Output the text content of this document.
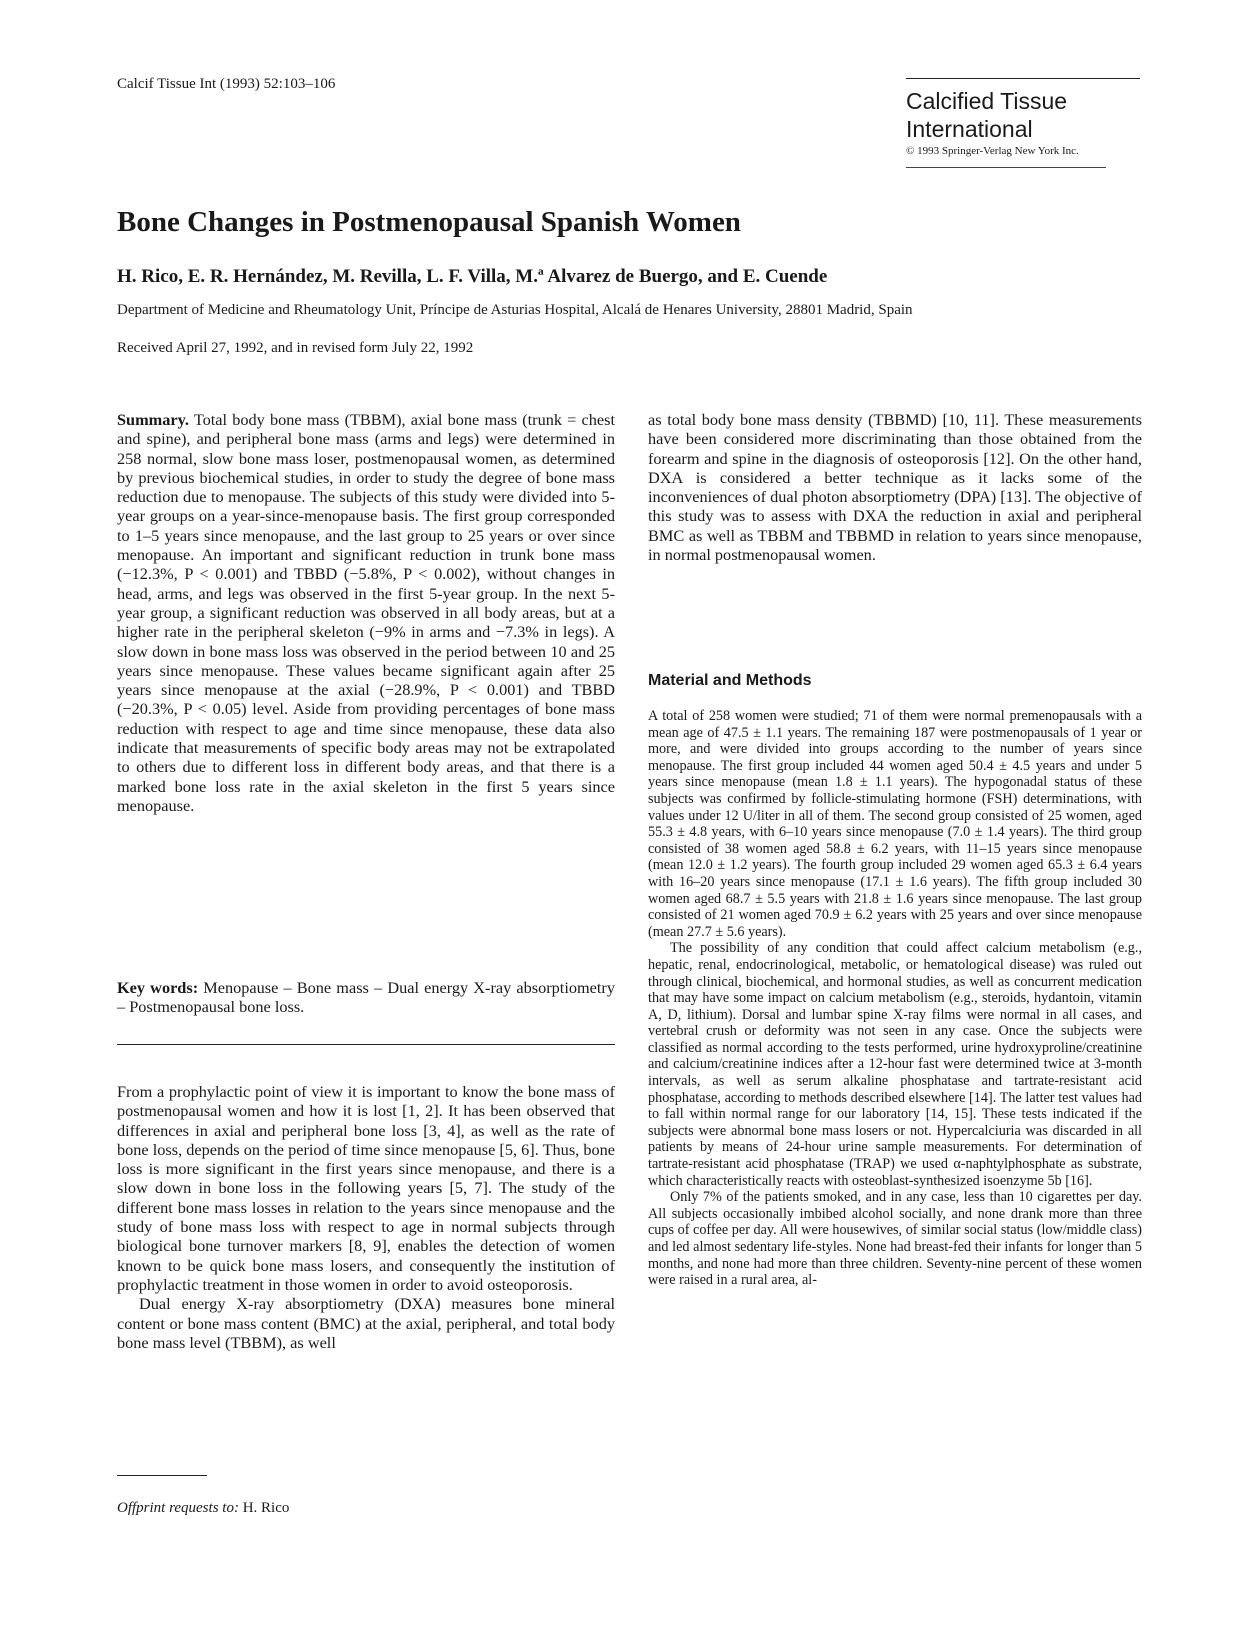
Calcif Tissue Int (1993) 52:103–106
Calcified Tissue
International
© 1993 Springer-Verlag New York Inc.
Bone Changes in Postmenopausal Spanish Women
H. Rico, E. R. Hernández, M. Revilla, L. F. Villa, M.ª Alvarez de Buergo, and E. Cuende
Department of Medicine and Rheumatology Unit, Príncipe de Asturias Hospital, Alcalá de Henares University, 28801 Madrid, Spain
Received April 27, 1992, and in revised form July 22, 1992
Summary. Total body bone mass (TBBM), axial bone mass (trunk = chest and spine), and peripheral bone mass (arms and legs) were determined in 258 normal, slow bone mass loser, postmenopausal women, as determined by previous biochemical studies, in order to study the degree of bone mass reduction due to menopause. The subjects of this study were divided into 5-year groups on a year-since-menopause basis. The first group corresponded to 1–5 years since menopause, and the last group to 25 years or over since menopause. An important and significant reduction in trunk bone mass (−12.3%, P < 0.001) and TBBD (−5.8%, P < 0.002), without changes in head, arms, and legs was observed in the first 5-year group. In the next 5-year group, a significant reduction was observed in all body areas, but at a higher rate in the peripheral skeleton (−9% in arms and −7.3% in legs). A slow down in bone mass loss was observed in the period between 10 and 25 years since menopause. These values became significant again after 25 years since menopause at the axial (−28.9%, P < 0.001) and TBBD (−20.3%, P < 0.05) level. Aside from providing percentages of bone mass reduction with respect to age and time since menopause, these data also indicate that measurements of specific body areas may not be extrapolated to others due to different loss in different body areas, and that there is a marked bone loss rate in the axial skeleton in the first 5 years since menopause.
Key words: Menopause – Bone mass – Dual energy X-ray absorptiometry – Postmenopausal bone loss.

From a prophylactic point of view it is important to know the bone mass of postmenopausal women and how it is lost [1, 2]. It has been observed that differences in axial and peripheral bone loss [3, 4], as well as the rate of bone loss, depends on the period of time since menopause [5, 6]. Thus, bone loss is more significant in the first years since menopause, and there is a slow down in bone loss in the following years [5, 7]. The study of the different bone mass losses in relation to the years since menopause and the study of bone mass loss with respect to age in normal subjects through biological bone turnover markers [8, 9], enables the detection of women known to be quick bone mass losers, and consequently the institution of prophylactic treatment in those women in order to avoid osteoporosis.

Dual energy X-ray absorptiometry (DXA) measures bone mineral content or bone mass content (BMC) at the axial, peripheral, and total body bone mass level (TBBM), as well

Offprint requests to: H. Rico
as total body bone mass density (TBBMD) [10, 11]. These measurements have been considered more discriminating than those obtained from the forearm and spine in the diagnosis of osteoporosis [12]. On the other hand, DXA is considered a better technique as it lacks some of the inconveniences of dual photon absorptiometry (DPA) [13]. The objective of this study was to assess with DXA the reduction in axial and peripheral BMC as well as TBBM and TBBMD in relation to years since menopause, in normal postmenopausal women.
Material and Methods

A total of 258 women were studied; 71 of them were normal premenopausals with a mean age of 47.5 ± 1.1 years. The remaining 187 were postmenopausals of 1 year or more, and were divided into groups according to the number of years since menopause. The first group included 44 women aged 50.4 ± 4.5 years and under 5 years since menopause (mean 1.8 ± 1.1 years). The hypogonadal status of these subjects was confirmed by follicle-stimulating hormone (FSH) determinations, with values under 12 U/liter in all of them. The second group consisted of 25 women, aged 55.3 ± 4.8 years, with 6–10 years since menopause (7.0 ± 1.4 years). The third group consisted of 38 women aged 58.8 ± 6.2 years, with 11–15 years since menopause (mean 12.0 ± 1.2 years). The fourth group included 29 women aged 65.3 ± 6.4 years with 16–20 years since menopause (17.1 ± 1.6 years). The fifth group included 30 women aged 68.7 ± 5.5 years with 21.8 ± 1.6 years since menopause. The last group consisted of 21 women aged 70.9 ± 6.2 years with 25 years and over since menopause (mean 27.7 ± 5.6 years).

The possibility of any condition that could affect calcium metabolism (e.g., hepatic, renal, endocrinological, metabolic, or hematological disease) was ruled out through clinical, biochemical, and hormonal studies, as well as concurrent medication that may have some impact on calcium metabolism (e.g., steroids, hydantoin, vitamin A, D, lithium). Dorsal and lumbar spine X-ray films were normal in all cases, and vertebral crush or deformity was not seen in any case. Once the subjects were classified as normal according to the tests performed, urine hydroxyproline/creatinine and calcium/creatinine indices after a 12-hour fast were determined twice at 3-month intervals, as well as serum alkaline phosphatase and tartrate-resistant acid phosphatase, according to methods described elsewhere [14]. The latter test values had to fall within normal range for our laboratory [14, 15]. These tests indicated if the subjects were abnormal bone mass losers or not. Hypercalciuria was discarded in all patients by means of 24-hour urine sample measurements. For determination of tartrate-resistant acid phosphatase (TRAP) we used α-naphtylphosphate as substrate, which characteristically reacts with osteoblast-synthesized isoenzyme 5b [16].

Only 7% of the patients smoked, and in any case, less than 10 cigarettes per day. All subjects occasionally imbibed alcohol socially, and none drank more than three cups of coffee per day. All were housewives, of similar social status (low/middle class) and led almost sedentary life-styles. None had breast-fed their infants for longer than 5 months, and none had more than three children. Seventy-nine percent of these women were raised in a rural area, al-
